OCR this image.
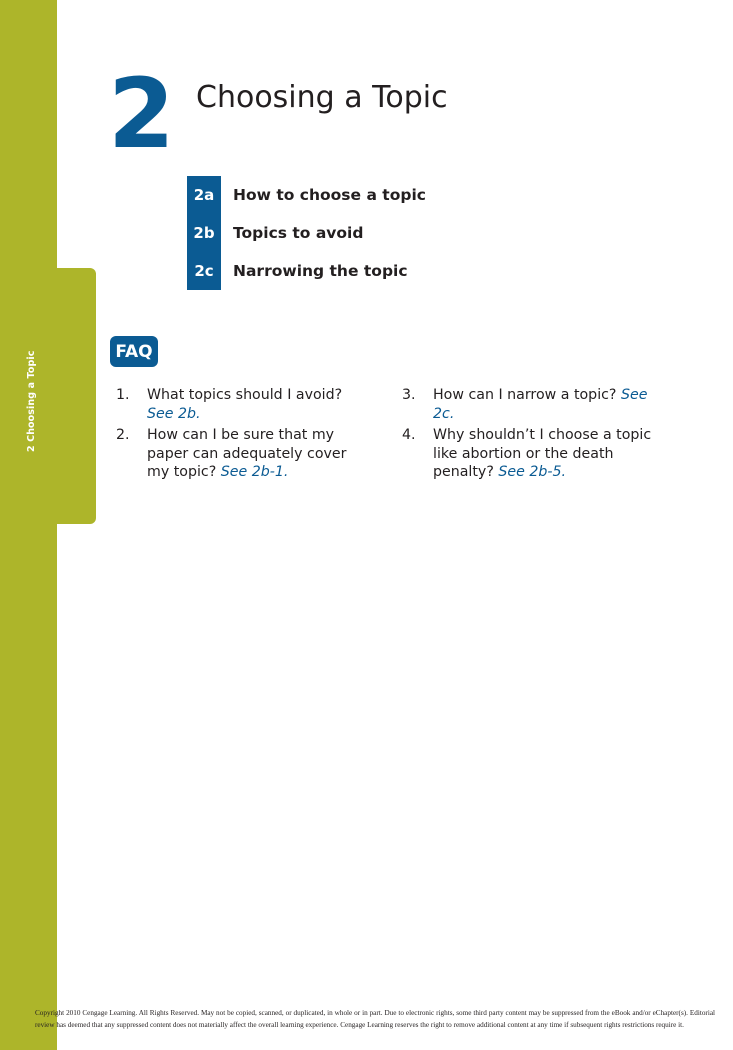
2 Choosing a Topic
2 Choosing a Topic
2a	How to choose a topic
2b	Topics to avoid
2c	Narrowing the topic
FAQ
1.	What topics should I avoid? See 2b.
2.	How can I be sure that my paper can adequately cover my topic? See 2b-1.
3.	How can I narrow a topic? See 2c.
4.	Why shouldn’t I choose a topic like abortion or the death penalty? See 2b-5.
Copyright 2010 Cengage Learning. All Rights Reserved. May not be copied, scanned, or duplicated, in whole or in part. Due to electronic rights, some third party content may be suppressed from the eBook and/or eChapter(s). Editorial review has deemed that any suppressed content does not materially affect the overall learning experience. Cengage Learning reserves the right to remove additional content at any time if subsequent rights restrictions require it.
